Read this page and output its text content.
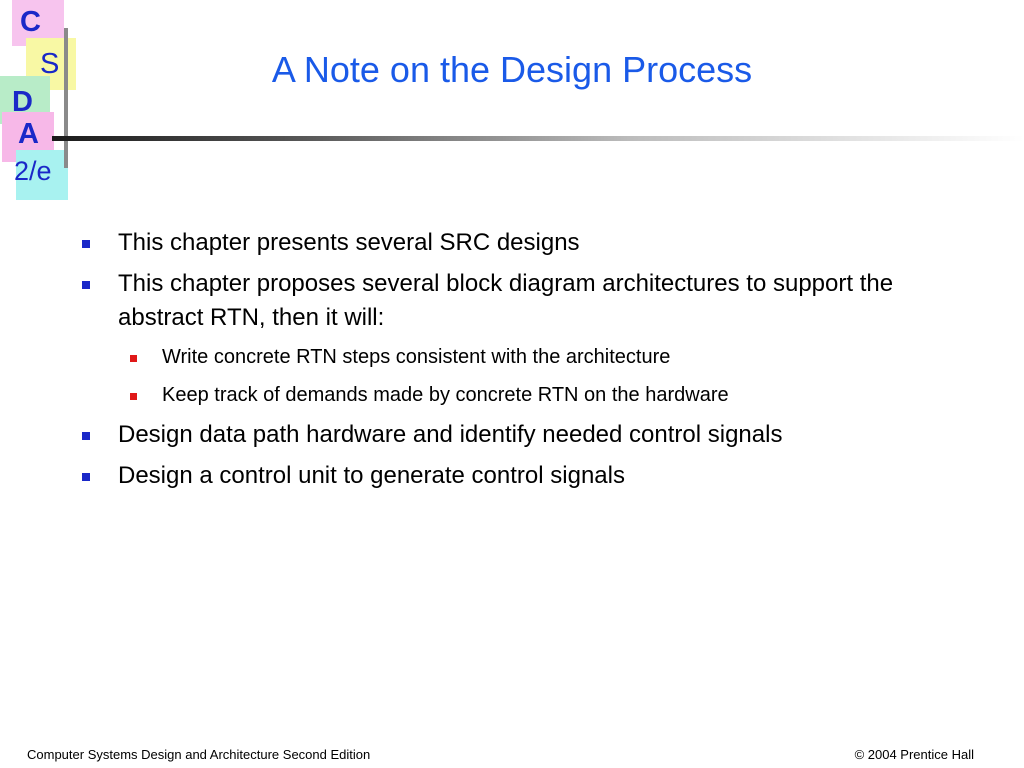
C
S
D
A
2/e
A Note on the Design Process
This chapter presents several SRC designs
This chapter proposes several block diagram architectures to support the abstract RTN, then it will:
Write concrete RTN steps consistent with the architecture
Keep track of demands made by concrete RTN on the hardware
Design data path hardware and identify needed control signals
Design a control unit to generate control signals
Computer Systems Design and Architecture Second Edition	© 2004 Prentice Hall
